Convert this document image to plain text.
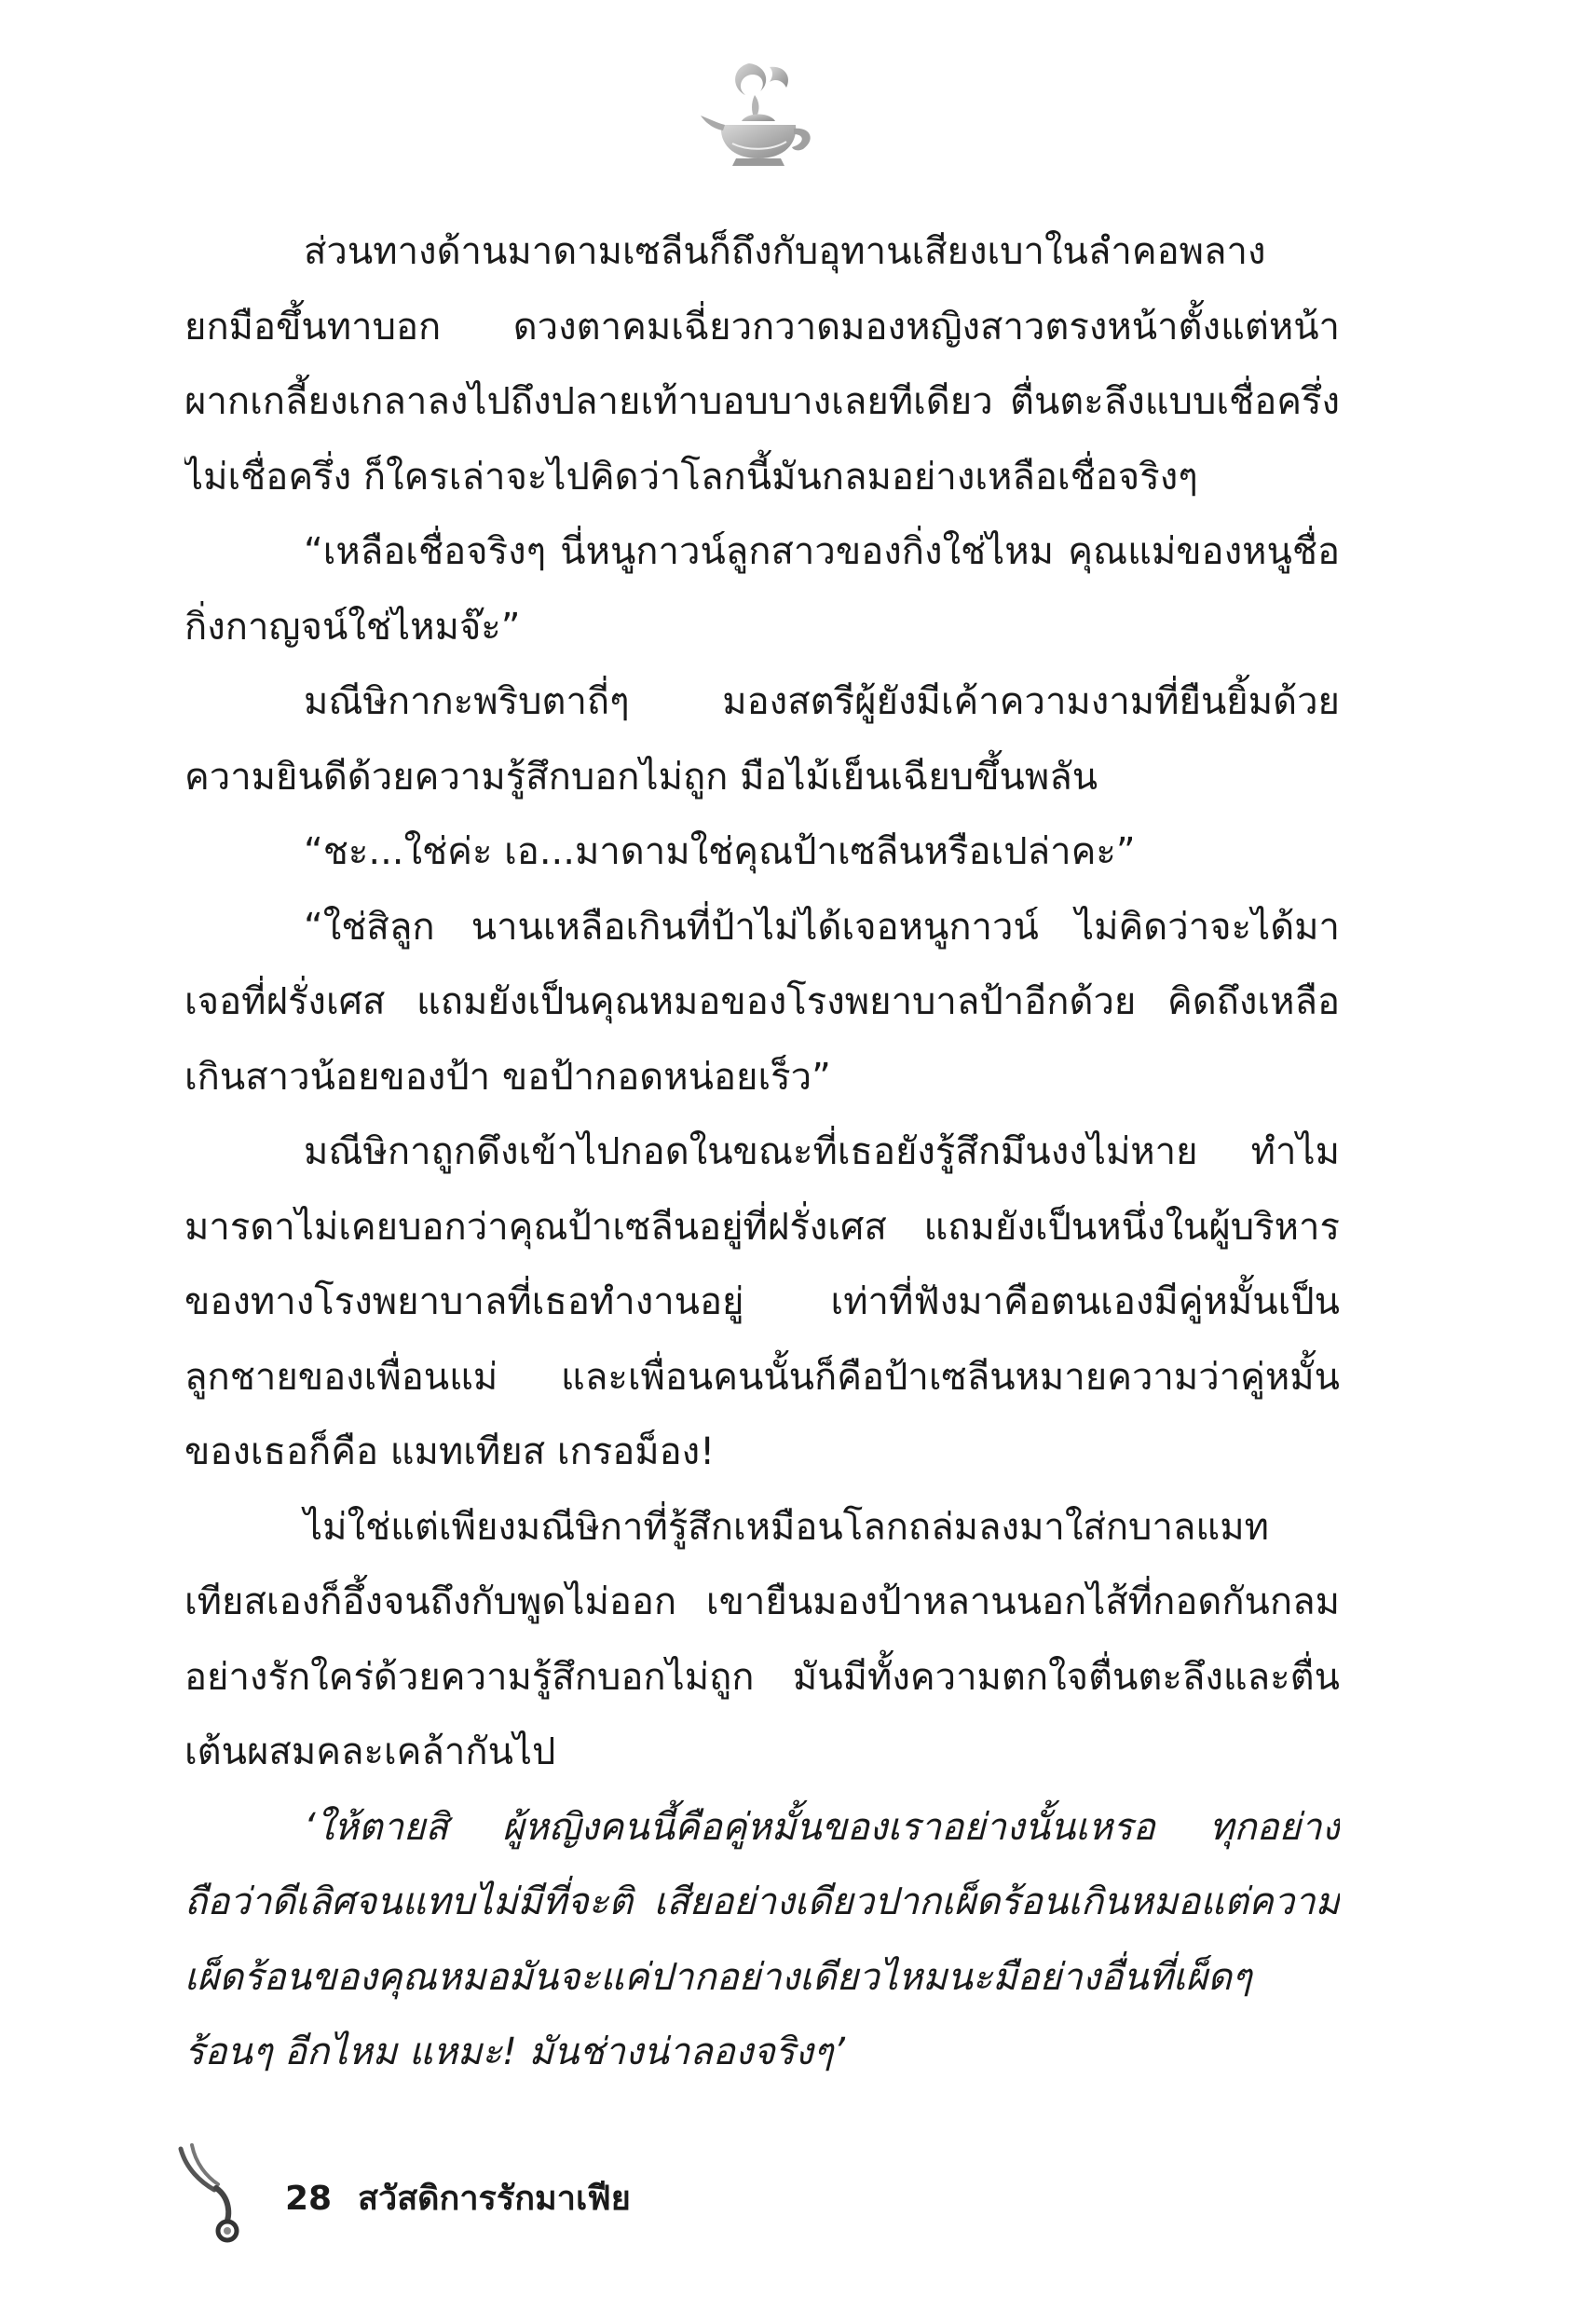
ส่วนทางด้านมาดามเซลีนก็ถึงกับอุทานเสียงเบาในลำคอพลางยกมือขึ้นทาบอก ดวงตาคมเฉี่ยวกวาดมองหญิงสาวตรงหน้าตั้งแต่หน้าผากเกลี้ยงเกลาลงไปถึงปลายเท้าบอบบางเลยทีเดียว ตื่นตะลึงแบบเชื่อครึ่งไม่เชื่อครึ่ง ก็ใครเล่าจะไปคิดว่าโลกนี้มันกลมอย่างเหลือเชื่อจริงๆ

“เหลือเชื่อจริงๆ นี่หนูกาวน์ลูกสาวของกิ่งใช่ไหม คุณแม่ของหนูชื่อกิ่งกาญจน์ใช่ไหมจ๊ะ”

มณีษิกากะพริบตาถี่ๆ มองสตรีผู้ยังมีเค้าความงามที่ยืนยิ้มด้วยความยินดีด้วยความรู้สึกบอกไม่ถูก มือไม้เย็นเฉียบขึ้นพลัน

“ชะ...ใช่ค่ะ เอ...มาดามใช่คุณป้าเซลีนหรือเปล่าคะ”

“ใช่สิลูก นานเหลือเกินที่ป้าไม่ได้เจอหนูกาวน์ ไม่คิดว่าจะได้มาเจอที่ฝรั่งเศส แถมยังเป็นคุณหมอของโรงพยาบาลป้าอีกด้วย คิดถึงเหลือเกินสาวน้อยของป้า ขอป้ากอดหน่อยเร็ว”

มณีษิกาถูกดึงเข้าไปกอดในขณะที่เธอยังรู้สึกมึนงงไม่หาย ทำไมมารดาไม่เคยบอกว่าคุณป้าเซลีนอยู่ที่ฝรั่งเศส แถมยังเป็นหนึ่งในผู้บริหารของทางโรงพยาบาลที่เธอทำงานอยู่ เท่าที่ฟังมาคือตนเองมีคู่หมั้นเป็นลูกชายของเพื่อนแม่ และเพื่อนคนนั้นก็คือป้าเซลีนหมายความว่าคู่หมั้นของเธอก็คือ แมทเทียส เกรอม็อง!

ไม่ใช่แต่เพียงมณีษิกาที่รู้สึกเหมือนโลกถล่มลงมาใส่กบาลแมทเทียสเองก็อึ้งจนถึงกับพูดไม่ออก เขายืนมองป้าหลานนอกไส้ที่กอดกันกลมอย่างรักใคร่ด้วยความรู้สึกบอกไม่ถูก มันมีทั้งความตกใจตื่นตะลึงและตื่นเต้นผสมคละเคล้ากันไป

‘ให้ตายสิ ผู้หญิงคนนี้คือคู่หมั้นของเราอย่างนั้นเหรอ ทุกอย่างถือว่าดีเลิศจนแทบไม่มีที่จะติ เสียอย่างเดียวปากเผ็ดร้อนเกินหมอแต่ความเผ็ดร้อนของคุณหมอมันจะแค่ปากอย่างเดียวไหมนะมือย่างอื่นที่เผ็ดๆ ร้อนๆ อีกไหม แหมะ! มันช่างน่าลองจริงๆ’

28 สวัสดิการรักมาเฟีย
